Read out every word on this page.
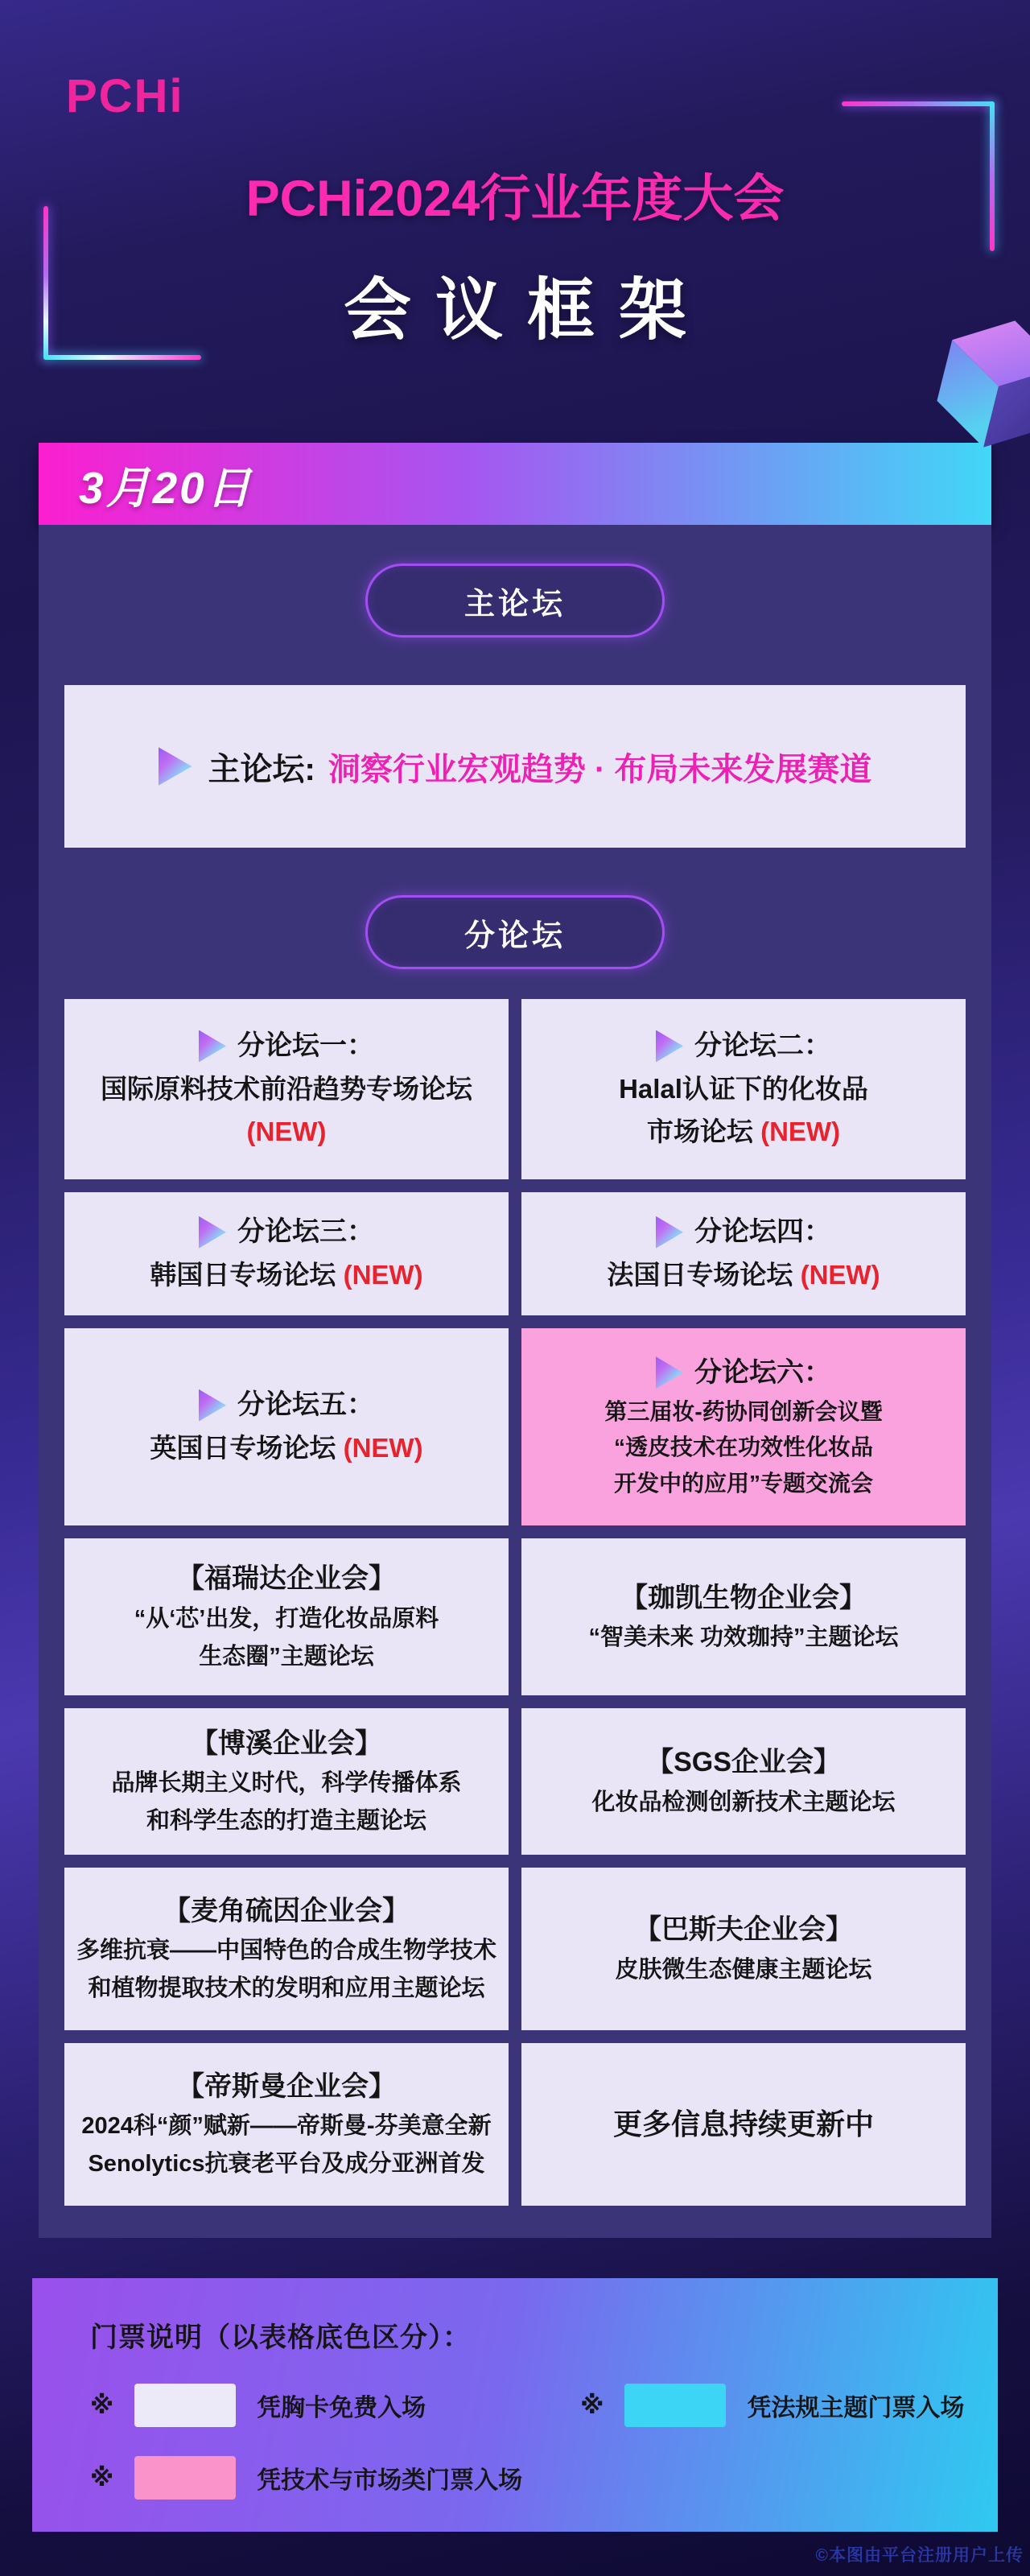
PCHi
PCHi2024行业年度大会
会议框架
3月20日
主论坛
主论坛: 洞察行业宏观趋势 · 布局未来发展赛道
分论坛
分论坛一：
国际原料技术前沿趋势专场论坛
(NEW)
分论坛二：
Halal认证下的化妆品
市场论坛 (NEW)
分论坛三：
韩国日专场论坛 (NEW)
分论坛四：
法国日专场论坛 (NEW)
分论坛五：
英国日专场论坛 (NEW)
分论坛六：
第三届妆-药协同创新会议暨
“透皮技术在功效性化妆品
开发中的应用”专题交流会
【福瑞达企业会】
“从‘芯’出发，打造化妆品原料
生态圈”主题论坛
【珈凯生物企业会】
“智美未来 功效珈持”主题论坛
【博溪企业会】
品牌长期主义时代，科学传播体系
和科学生态的打造主题论坛
【SGS企业会】
化妆品检测创新技术主题论坛
【麦角硫因企业会】
多维抗衰——中国特色的合成生物学技术
和植物提取技术的发明和应用主题论坛
【巴斯夫企业会】
皮肤微生态健康主题论坛
【帝斯曼企业会】
2024科“颜”赋新——帝斯曼-芬美意全新
Senolytics抗衰老平台及成分亚洲首发
更多信息持续更新中
门票说明（以表格底色区分）：
※	凭胸卡免费入场	※	凭法规主题门票入场
※	凭技术与市场类门票入场
©本图由平台注册用户上传
